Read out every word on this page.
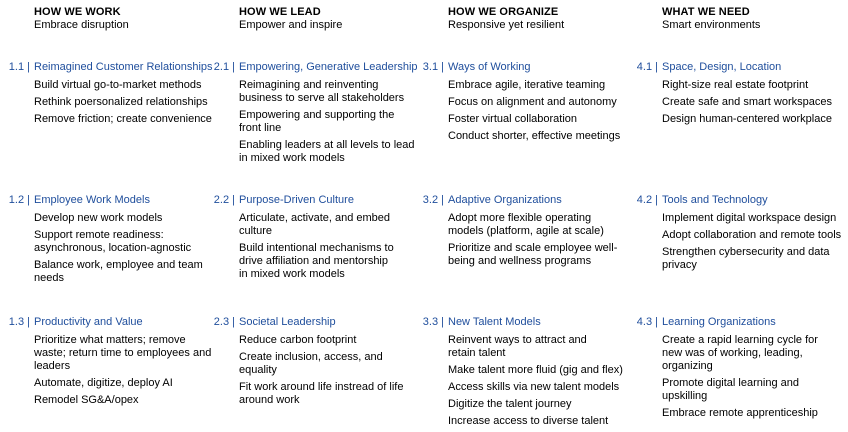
HOW WE WORK
Embrace disruption
HOW WE LEAD
Empower and inspire
HOW WE ORGANIZE
Responsive yet resilient
WHAT WE NEED
Smart environments
1.1 | Reimagined Customer Relationships
Build virtual go-to-market methods
Rethink poersonalized relationships
Remove friction; create convenience
1.2 | Employee Work Models
Develop new work models
Support remote readiness: asynchronous, location-agnostic
Balance work, employee and team needs
1.3 | Productivity and Value
Prioritize what matters; remove waste; return time to employees and leaders
Automate, digitize, deploy AI
Remodel SG&A/opex
2.1 | Empowering, Generative Leadership
Reimagining and reinventing business to serve all stakeholders
Empowering and supporting the front line
Enabling leaders at all levels to lead in mixed work models
2.2 | Purpose-Driven Culture
Articulate, activate, and embed culture
Build intentional mechanisms to drive affiliation and mentorship in mixed work models
2.3 | Societal Leadership
Reduce carbon footprint
Create inclusion, access, and equality
Fit work around life instread of life around work
3.1 | Ways of Working
Embrace agile, iterative teaming
Focus on alignment and autonomy
Foster virtual collaboration
Conduct shorter, effective meetings
3.2 | Adaptive Organizations
Adopt more flexible operating models (platform, agile at scale)
Prioritize and scale employee well-being and wellness programs
3.3 | New Talent Models
Reinvent ways to attract and retain talent
Make talent more fluid (gig and flex)
Access skills via new talent models
Digitize the talent journey
Increase access to diverse talent
4.1 | Space, Design, Location
Right-size real estate footprint
Create safe and smart workspaces
Design human-centered workplace
4.2 | Tools and Technology
Implement digital workspace design
Adopt collaboration and remote tools
Strengthen cybersecurity and data privacy
4.3 | Learning Organizations
Create a rapid learning cycle for new was of working, leading, organizing
Promote digital learning and upskilling
Embrace remote apprenticeship
